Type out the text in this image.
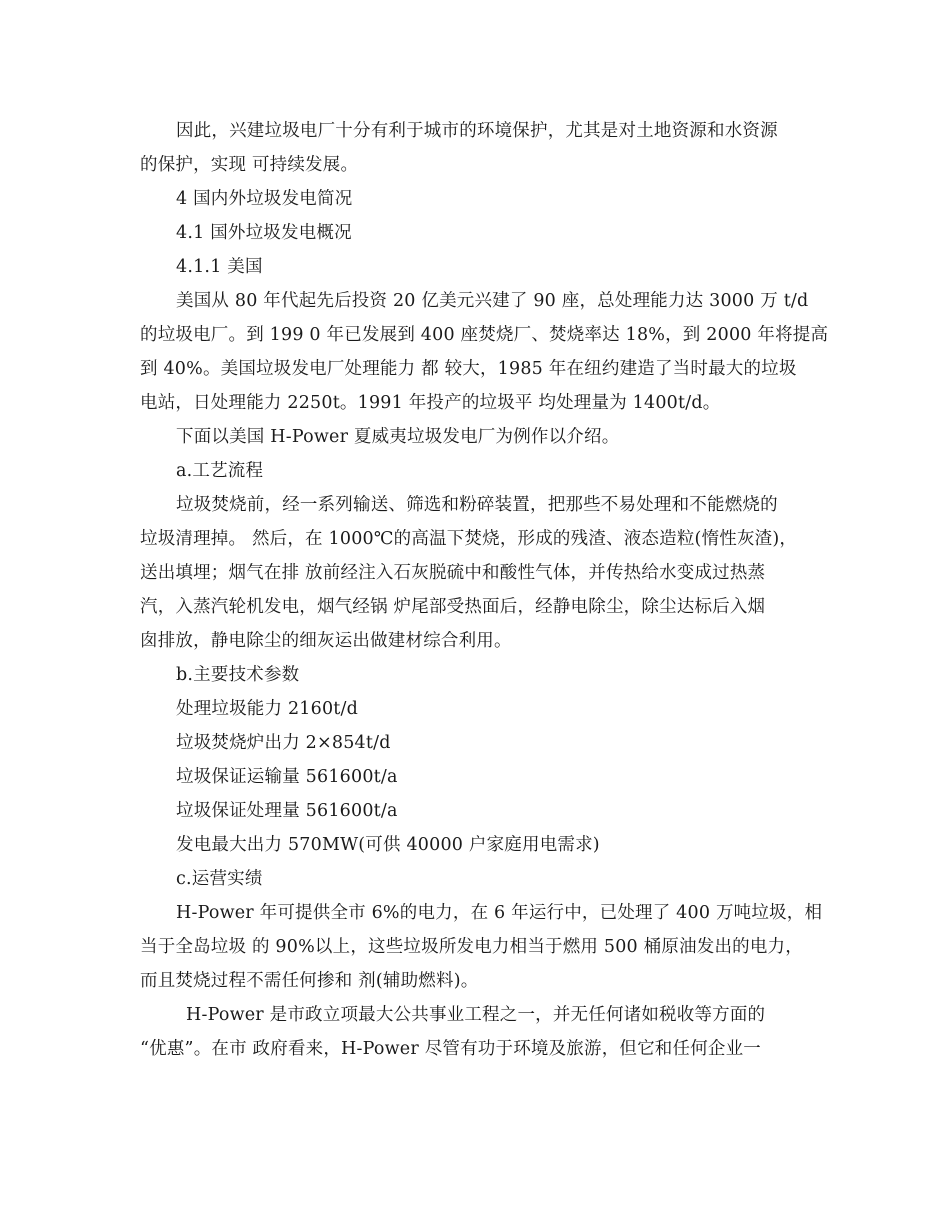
因此，兴建垃圾电厂十分有利于城市的环境保护，尤其是对土地资源和水资源
的保护，实现 可持续发展。
4 国内外垃圾发电简况
4.1 国外垃圾发电概况
4.1.1 美国
美国从 80 年代起先后投资 20 亿美元兴建了 90 座，总处理能力达 3000 万 t/d
的垃圾电厂。到 199 0 年已发展到 400 座焚烧厂、焚烧率达 18%，到 2000 年将提高
到 40%。美国垃圾发电厂处理能力 都 较大，1985 年在纽约建造了当时最大的垃圾
电站，日处理能力 2250t。1991 年投产的垃圾平 均处理量为 1400t/d。
下面以美国 H-Power 夏威夷垃圾发电厂为例作以介绍。
a.工艺流程
垃圾焚烧前，经一系列输送、筛选和粉碎装置，把那些不易处理和不能燃烧的
垃圾清理掉。 然后，在 1000℃的高温下焚烧，形成的残渣、液态造粒(惰性灰渣)，
送出填埋；烟气在排 放前经注入石灰脱硫中和酸性气体，并传热给水变成过热蒸
汽，入蒸汽轮机发电，烟气经锅 炉尾部受热面后，经静电除尘，除尘达标后入烟
囱排放，静电除尘的细灰运出做建材综合利用。
b.主要技术参数
处理垃圾能力 2160t/d
垃圾焚烧炉出力 2×854t/d
垃圾保证运输量 561600t/a
垃圾保证处理量 561600t/a
发电最大出力 570MW(可供 40000 户家庭用电需求)
c.运营实绩
H-Power 年可提供全市 6%的电力，在 6 年运行中，已处理了 400 万吨垃圾，相
当于全岛垃圾 的 90%以上，这些垃圾所发电力相当于燃用 500 桶原油发出的电力，
而且焚烧过程不需任何掺和 剂(辅助燃料)。
H-Power 是市政立项最大公共事业工程之一，并无任何诸如税收等方面的
“优惠”。在市 政府看来，H-Power 尽管有功于环境及旅游，但它和任何企业一
